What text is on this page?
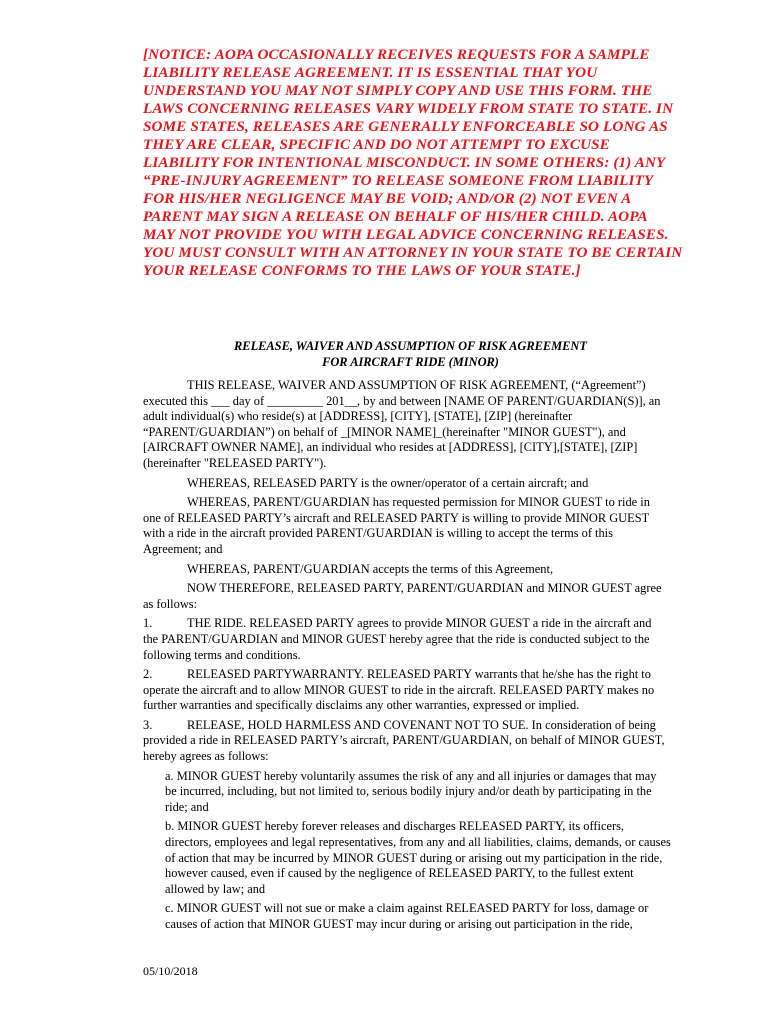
[NOTICE: AOPA OCCASIONALLY RECEIVES REQUESTS FOR A SAMPLE
LIABILITY RELEASE AGREEMENT. IT IS ESSENTIAL THAT YOU
UNDERSTAND YOU MAY NOT SIMPLY COPY AND USE THIS FORM. THE
LAWS CONCERNING RELEASES VARY WIDELY FROM STATE TO STATE. IN
SOME STATES, RELEASES ARE GENERALLY ENFORCEABLE SO LONG AS
THEY ARE CLEAR, SPECIFIC AND DO NOT ATTEMPT TO EXCUSE
LIABILITY FOR INTENTIONAL MISCONDUCT. IN SOME OTHERS: (1) ANY
“PRE-INJURY AGREEMENT” TO RELEASE SOMEONE FROM LIABILITY
FOR HIS/HER NEGLIGENCE MAY BE VOID; AND/OR (2) NOT EVEN A
PARENT MAY SIGN A RELEASE ON BEHALF OF HIS/HER CHILD. AOPA
MAY NOT PROVIDE YOU WITH LEGAL ADVICE CONCERNING RELEASES.
YOU MUST CONSULT WITH AN ATTORNEY IN YOUR STATE TO BE CERTAIN
YOUR RELEASE CONFORMS TO THE LAWS OF YOUR STATE.]
RELEASE, WAIVER AND ASSUMPTION OF RISK AGREEMENT
FOR AIRCRAFT RIDE (MINOR)
THIS RELEASE, WAIVER AND ASSUMPTION OF RISK AGREEMENT, (“Agreement”)
executed this ___ day of _________ 201__, by and between [NAME OF PARENT/GUARDIAN(S)], an
adult individual(s) who reside(s) at [ADDRESS], [CITY], [STATE], [ZIP] (hereinafter
“PARENT/GUARDIAN”) on behalf of _[MINOR NAME]_(hereinafter "MINOR GUEST"), and
[AIRCRAFT OWNER NAME], an individual who resides at [ADDRESS], [CITY],[STATE], [ZIP]
(hereinafter "RELEASED PARTY").
WHEREAS, RELEASED PARTY is the owner/operator of a certain aircraft; and
WHEREAS, PARENT/GUARDIAN has requested permission for MINOR GUEST to ride in
one of RELEASED PARTY’s aircraft and RELEASED PARTY is willing to provide MINOR GUEST
with a ride in the aircraft provided PARENT/GUARDIAN is willing to accept the terms of this
Agreement; and
WHEREAS, PARENT/GUARDIAN accepts the terms of this Agreement,
NOW THEREFORE, RELEASED PARTY, PARENT/GUARDIAN and MINOR GUEST agree
as follows:
1.	THE RIDE. RELEASED PARTY agrees to provide MINOR GUEST a ride in the aircraft and
the PARENT/GUARDIAN and MINOR GUEST hereby agree that the ride is conducted subject to the
following terms and conditions.
2.	RELEASED PARTYWARRANTY. RELEASED PARTY warrants that he/she has the right to
operate the aircraft and to allow MINOR GUEST to ride in the aircraft. RELEASED PARTY makes no
further warranties and specifically disclaims any other warranties, expressed or implied.
3.	RELEASE, HOLD HARMLESS AND COVENANT NOT TO SUE. In consideration of being
provided a ride in RELEASED PARTY’s aircraft, PARENT/GUARDIAN, on behalf of MINOR GUEST,
hereby agrees as follows:
a. MINOR GUEST hereby voluntarily assumes the risk of any and all injuries or damages that may
be incurred, including, but not limited to, serious bodily injury and/or death by participating in the
ride; and
b. MINOR GUEST hereby forever releases and discharges RELEASED PARTY, its officers,
directors, employees and legal representatives, from any and all liabilities, claims, demands, or causes
of action that may be incurred by MINOR GUEST during or arising out my participation in the ride,
however caused, even if caused by the negligence of RELEASED PARTY, to the fullest extent
allowed by law; and
c. MINOR GUEST will not sue or make a claim against RELEASED PARTY for loss, damage or
causes of action that MINOR GUEST may incur during or arising out participation in the ride,
05/10/2018
